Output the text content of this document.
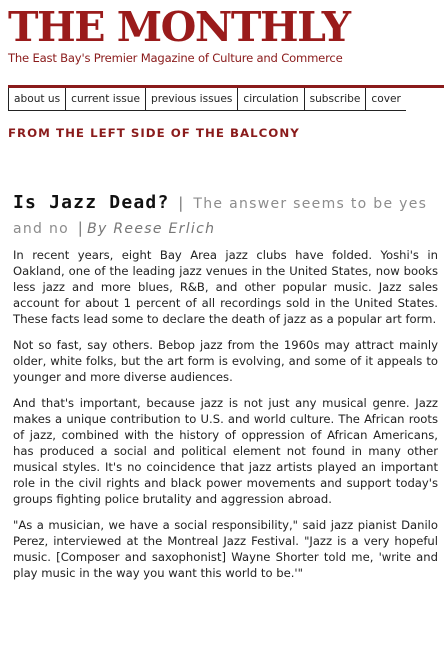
THE MONTHLY
The East Bay's Premier Magazine of Culture and Commerce
about us current issue previous issues circulation subscribe cover
FROM THE LEFT SIDE OF THE BALCONY
Is Jazz Dead? | The answer seems to be yes and no | By Reese Erlich

In recent years, eight Bay Area jazz clubs have folded. Yoshi's in Oakland, one of the leading jazz venues in the United States, now books less jazz and more blues, R&B, and other popular music. Jazz sales account for about 1 percent of all recordings sold in the United States. These facts lead some to declare the death of jazz as a popular art form.

Not so fast, say others. Bebop jazz from the 1960s may attract mainly older, white folks, but the art form is evolving, and some of it appeals to younger and more diverse audiences.

And that's important, because jazz is not just any musical genre. Jazz makes a unique contribution to U.S. and world culture. The African roots of jazz, combined with the history of oppression of African Americans, has produced a social and political element not found in many other musical styles. It's no coincidence that jazz artists played an important role in the civil rights and black power movements and support today's groups fighting police brutality and aggression abroad.

"As a musician, we have a social responsibility," said jazz pianist Danilo Perez, interviewed at the Montreal Jazz Festival. "Jazz is a very hopeful music. [Composer and saxophonist] Wayne Shorter told me, 'write and play music in the way you want this world to be.'"
